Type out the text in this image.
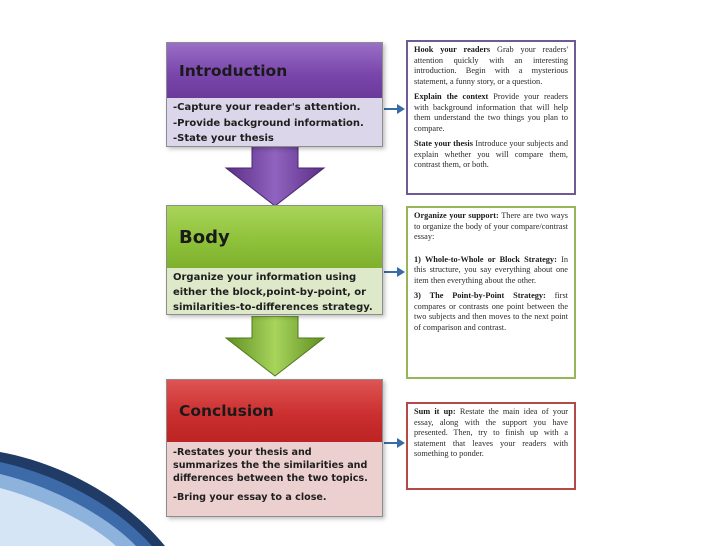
Introduction
-Capture your reader's attention.
-Provide background information.
-State your thesis
Body
Organize your information using either the block,point-by-point, or similarities-to-differences strategy.
Conclusion
-Restates your thesis and summarizes the the similarities and differences between the two topics.
-Bring your essay to a close.

Hook your readers Grab your readers' attention quickly with an interesting introduction. Begin with a mysterious statement, a funny story, or a question.

Explain the context Provide your readers with background information that will help them understand the two things you plan to compare.

State your thesis Introduce your subjects and explain whether you will compare them, contrast them, or both.

Organize your support: There are two ways to organize the body of your compare/contrast essay:

1) Whole-to-Whole or Block Strategy: In this structure, you say everything about one item then everything about the other.

3) The Point-by-Point Strategy: first compares or contrasts one point between the two subjects and then moves to the next point of comparison and contrast.

Sum it up: Restate the main idea of your essay, along with the support you have presented. Then, try to finish up with a statement that leaves your readers with something to ponder.
